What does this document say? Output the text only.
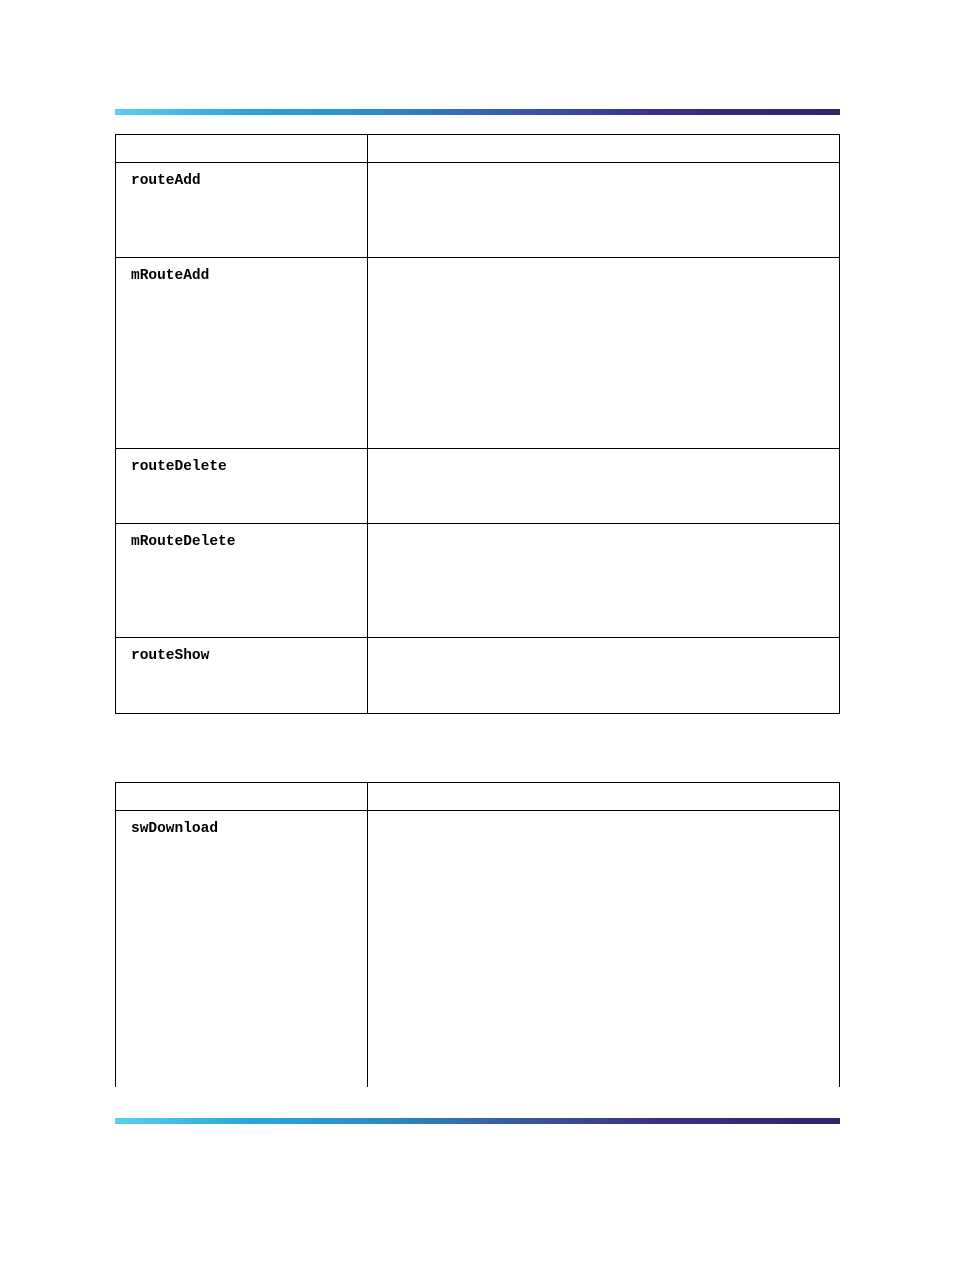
routeAdd
mRouteAdd
routeDelete
mRouteDelete
routeShow
swDownload
